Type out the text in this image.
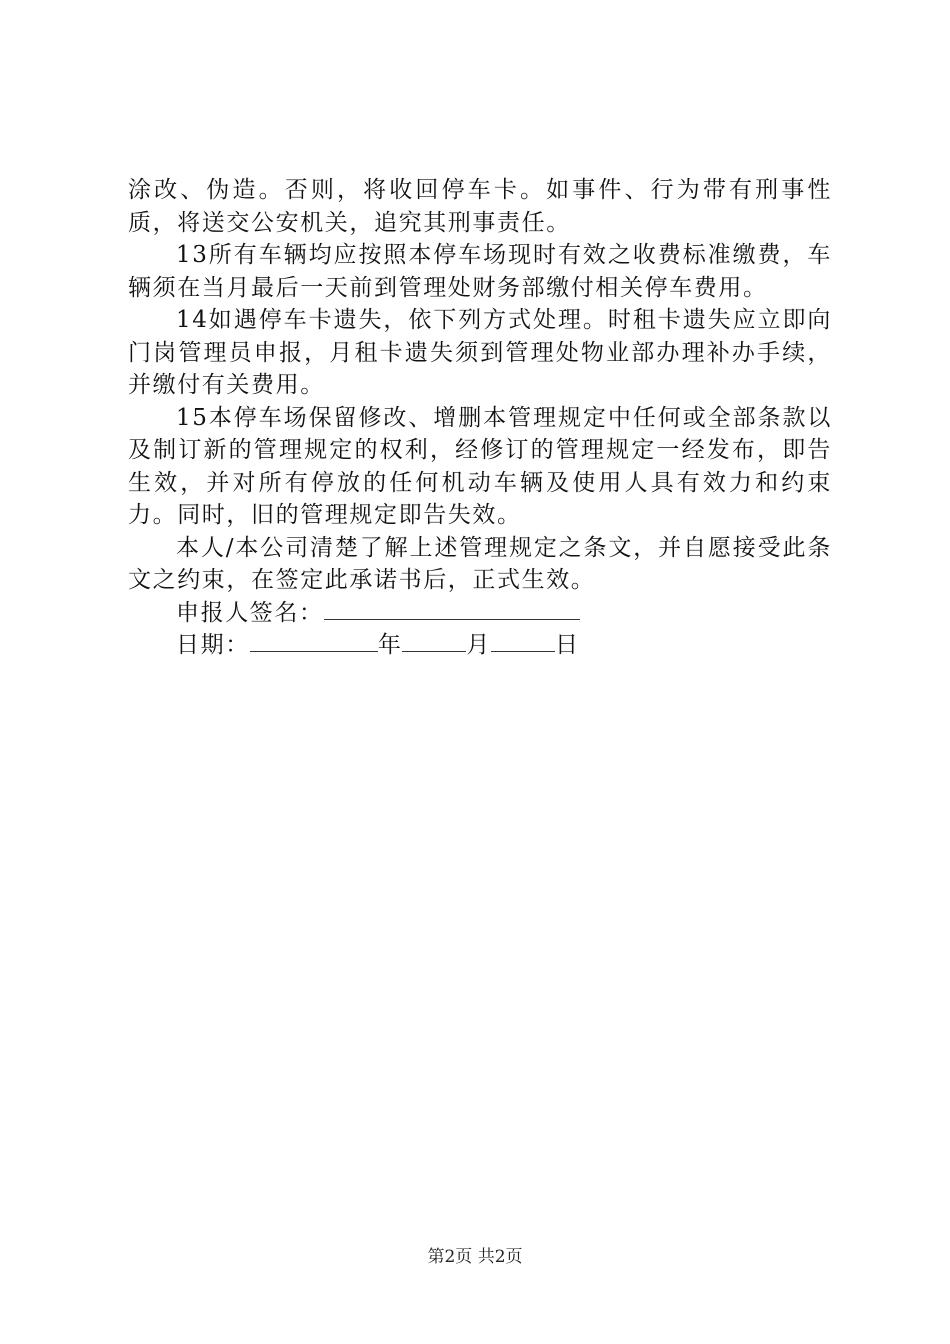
涂改、伪造。否则，将收回停车卡。如事件、行为带有刑事性质，将送交公安机关，追究其刑事责任。

13所有车辆均应按照本停车场现时有效之收费标准缴费，车辆须在当月最后一天前到管理处财务部缴付相关停车费用。

14如遇停车卡遗失，依下列方式处理。时租卡遗失应立即向门岗管理员申报，月租卡遗失须到管理处物业部办理补办手续，并缴付有关费用。

15本停车场保留修改、增删本管理规定中任何或全部条款以及制订新的管理规定的权利，经修订的管理规定一经发布，即告生效，并对所有停放的任何机动车辆及使用人具有效力和约束力。同时，旧的管理规定即告失效。

本人/本公司清楚了解上述管理规定之条文，并自愿接受此条文之约束，在签定此承诺书后，正式生效。

申报人签名：
日期：	年	月	日
第2页 共2页
